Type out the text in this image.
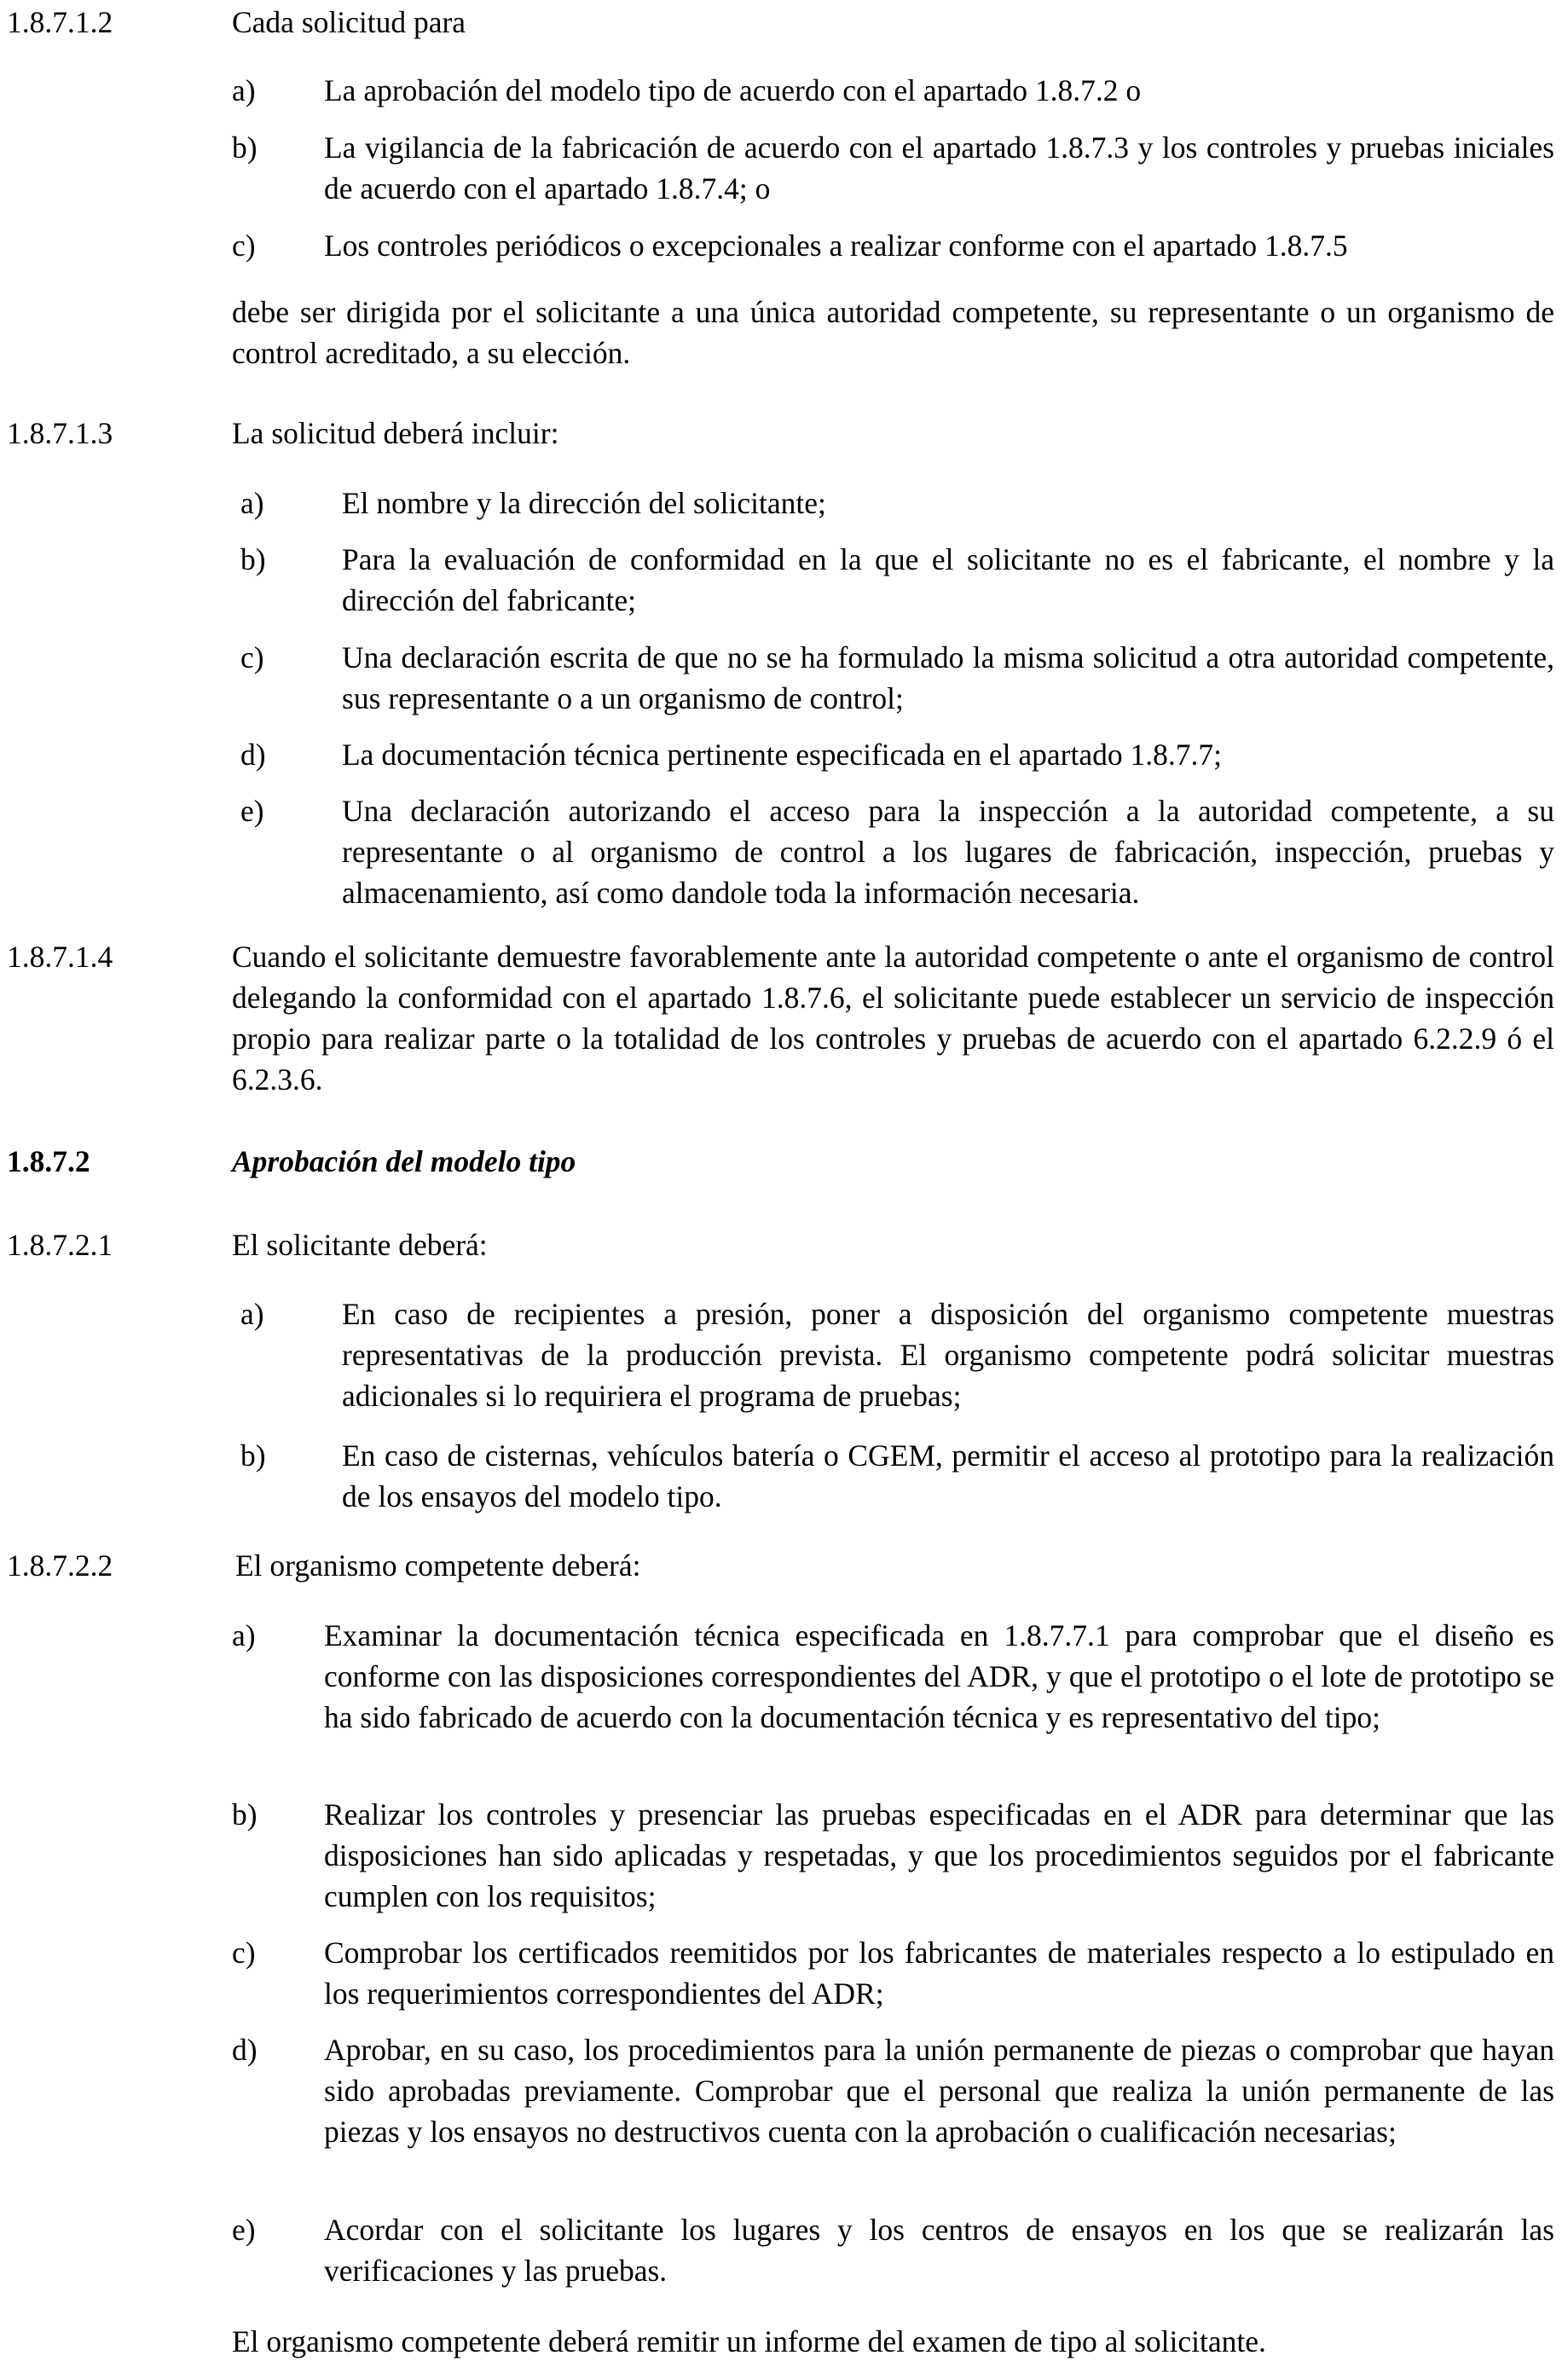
1.8.7.1.2	Cada solicitud para
a) La aprobación del modelo tipo de acuerdo con el apartado 1.8.7.2 o
b) La vigilancia de la fabricación de acuerdo con el apartado 1.8.7.3 y los controles y pruebas iniciales de acuerdo con el apartado 1.8.7.4; o
c) Los controles periódicos o excepcionales a realizar conforme con el apartado 1.8.7.5
debe ser dirigida por el solicitante a una única autoridad competente, su representante o un organismo de control acreditado, a su elección.
1.8.7.1.3	La solicitud deberá incluir:
a)	El nombre y la dirección del solicitante;
b)	Para la evaluación de conformidad en la que el solicitante no es el fabricante, el nombre y la dirección del fabricante;
c)	Una declaración escrita de que no se ha formulado la misma solicitud a otra autoridad competente, sus representante o a un organismo de control;
d)	La documentación técnica pertinente especificada en el apartado 1.8.7.7;
e)	Una declaración autorizando el acceso para la inspección a la autoridad competente, a su representante o al organismo de control a los lugares de fabricación, inspección, pruebas y almacenamiento, así como dandole toda la información necesaria.
1.8.7.1.4	Cuando el solicitante demuestre favorablemente ante la autoridad competente o ante el organismo de control delegando la conformidad con el apartado 1.8.7.6, el solicitante puede establecer un servicio de inspección propio para realizar parte o la totalidad de los controles y pruebas de acuerdo con el apartado 6.2.2.9 ó el 6.2.3.6.
1.8.7.2	Aprobación del modelo tipo
1.8.7.2.1	El solicitante deberá:
a)	En caso de recipientes a presión, poner a disposición del organismo competente muestras representativas de la producción prevista. El organismo competente podrá solicitar muestras adicionales si lo requiriera el programa de pruebas;
b)	En caso de cisternas, vehículos batería o CGEM, permitir el acceso al prototipo para la realización de los ensayos del modelo tipo.
1.8.7.2.2	El organismo competente deberá:
a) Examinar la documentación técnica especificada en 1.8.7.7.1 para comprobar que el diseño es conforme con las disposiciones correspondientes del ADR, y que el prototipo o el lote de prototipo se ha sido fabricado de acuerdo con la documentación técnica y es representativo del tipo;
b) Realizar los controles y presenciar las pruebas especificadas en el ADR para determinar que las disposiciones han sido aplicadas y respetadas, y que los procedimientos seguidos por el fabricante cumplen con los requisitos;
c) Comprobar los certificados reemitidos por los fabricantes de materiales respecto a lo estipulado en los requerimientos correspondientes del ADR;
d) Aprobar, en su caso, los procedimientos para la unión permanente de piezas o comprobar que hayan sido aprobadas previamente. Comprobar que el personal que realiza la unión permanente de las piezas y los ensayos no destructivos cuenta con la aprobación o cualificación necesarias;
e) Acordar con el solicitante los lugares y los centros de ensayos en los que se realizarán las verificaciones y las pruebas.
El organismo competente deberá remitir un informe del examen de tipo al solicitante.
